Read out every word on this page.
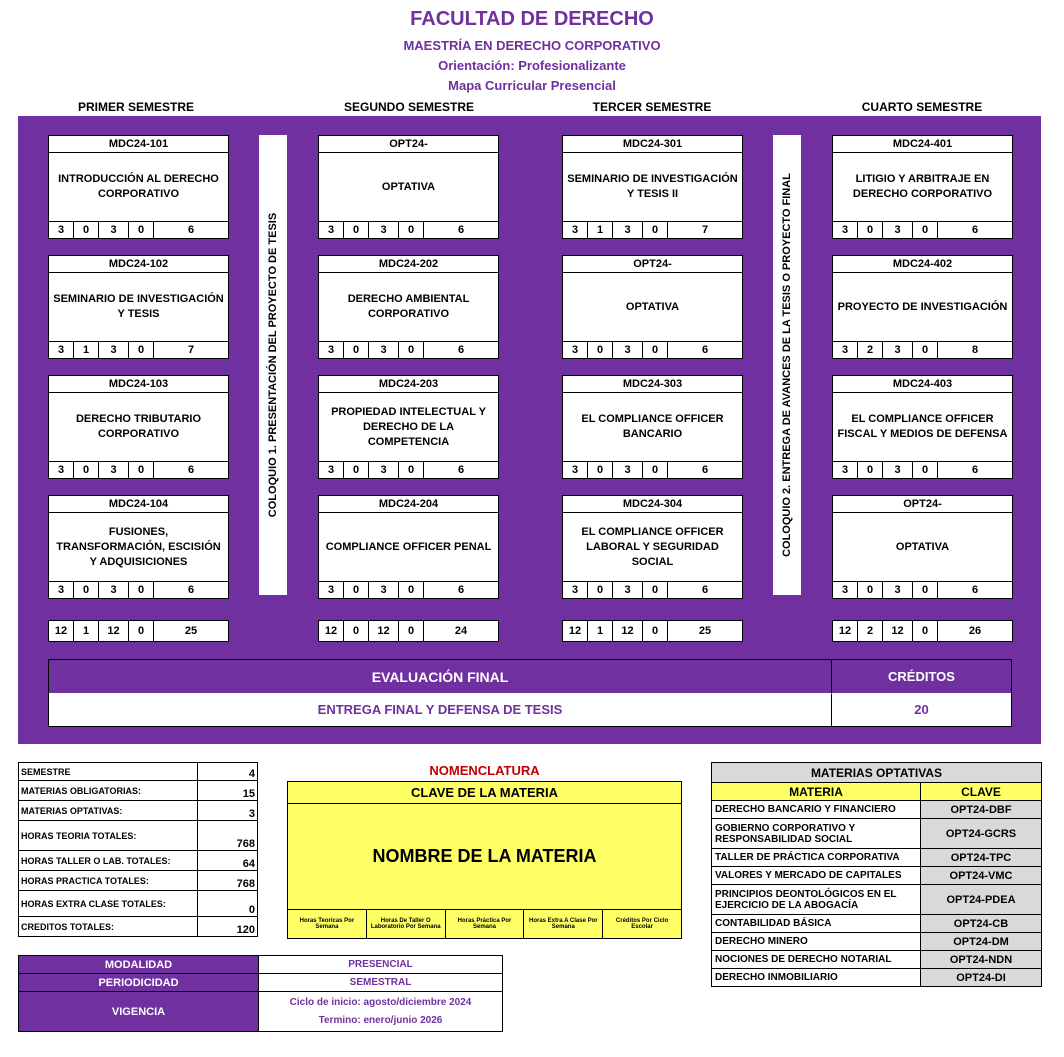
FACULTAD DE DERECHO
MAESTRÍA EN DERECHO CORPORATIVO
Orientación: Profesionalizante
Mapa Curricular Presencial
PRIMER SEMESTRE	SEGUNDO SEMESTRE	TERCER SEMESTRE	CUARTO SEMESTRE
COLOQUIO 1. PRESENTACIÓN DEL PROYECTO DE TESIS	COLOQUIO 2. ENTREGA DE AVANCES DE LA TESIS O PROYECTO FINAL
MDC24-101
INTRODUCCIÓN AL DERECHO CORPORATIVO
3	0	3	0	6
MDC24-102
SEMINARIO DE INVESTIGACIÓN Y TESIS
3	1	3	0	7
MDC24-103
DERECHO TRIBUTARIO CORPORATIVO
3	0	3	0	6
MDC24-104
FUSIONES, TRANSFORMACIÓN, ESCISIÓN Y ADQUISICIONES
3	0	3	0	6
12	1	12	0	25
OPT24-
OPTATIVA
3	0	3	0	6
MDC24-202
DERECHO AMBIENTAL CORPORATIVO
3	0	3	0	6
MDC24-203
PROPIEDAD INTELECTUAL Y DERECHO DE LA COMPETENCIA
3	0	3	0	6
MDC24-204
COMPLIANCE OFFICER PENAL
3	0	3	0	6
12	0	12	0	24
MDC24-301
SEMINARIO DE INVESTIGACIÓN Y TESIS II
3	1	3	0	7
OPT24-
OPTATIVA
3	0	3	0	6
MDC24-303
EL COMPLIANCE OFFICER BANCARIO
3	0	3	0	6
MDC24-304
EL COMPLIANCE OFFICER LABORAL Y SEGURIDAD SOCIAL
3	0	3	0	6
12	1	12	0	25
MDC24-401
LITIGIO Y ARBITRAJE EN DERECHO CORPORATIVO
3	0	3	0	6
MDC24-402
PROYECTO DE INVESTIGACIÓN
3	2	3	0	8
MDC24-403
EL COMPLIANCE OFFICER FISCAL Y MEDIOS DE DEFENSA
3	0	3	0	6
OPT24-
OPTATIVA
3	0	3	0	6
12	2	12	0	26
EVALUACIÓN FINAL	CRÉDITOS
ENTREGA FINAL Y DEFENSA DE TESIS	20
SEMESTRE	4
MATERIAS OBLIGATORIAS:	15
MATERIAS OPTATIVAS:	3
HORAS TEORIA TOTALES:	768
HORAS TALLER O LAB. TOTALES:	64
HORAS PRACTICA TOTALES:	768
HORAS EXTRA CLASE TOTALES:	0
CREDITOS TOTALES:	120
NOMENCLATURA
CLAVE DE LA MATERIA
NOMBRE DE LA MATERIA
Horas Teoricas Por Semana
Horas De Taller O Laboratorio Por Semana
Horas Práctica Por Semana
Horas Extra A Clase Por Semana
Créditos Por Ciclo Escolar
MATERIAS OPTATIVAS	
MATERIA	CLAVE
DERECHO BANCARIO Y FINANCIERO	OPT24-DBF
GOBIERNO CORPORATIVO Y RESPONSABILIDAD SOCIAL	OPT24-GCRS
TALLER DE PRÁCTICA CORPORATIVA	OPT24-TPC
VALORES Y MERCADO DE CAPITALES	OPT24-VMC
PRINCIPIOS DEONTOLÓGICOS EN EL EJERCICIO DE LA ABOGACÍA	OPT24-PDEA
CONTABILIDAD BÁSICA	OPT24-CB
DERECHO MINERO	OPT24-DM
NOCIONES DE DERECHO NOTARIAL	OPT24-NDN
DERECHO INMOBILIARIO	OPT24-DI
MODALIDAD	PRESENCIAL
PERIODICIDAD	SEMESTRAL
VIGENCIA	Ciclo de inicio: agosto/diciembre 2024
Termino: enero/junio 2026
